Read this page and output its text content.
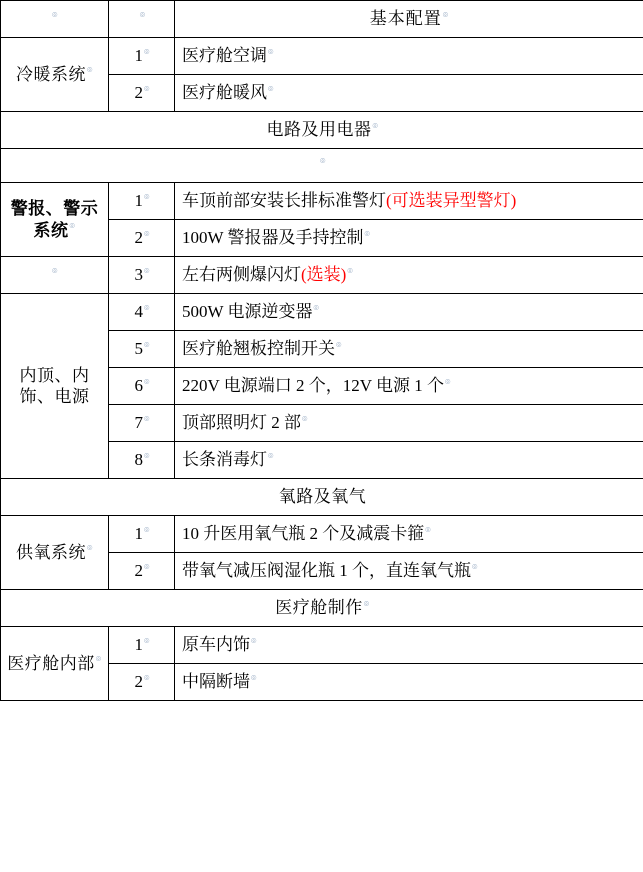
⌾	⌾	基本配置⌾

冷暖系统⌾	1⌾	医疗舱空调⌾

	2⌾	医疗舱暖风⌾

电路及用电器⌾

⌾

警报、警示系统⌾	1⌾	车顶前部安装长排标准警灯(可选装异型警灯)

	2⌾	100W 警报器及手持控制⌾

⌾	3⌾	左右两侧爆闪灯(选装)⌾

内顶、内饰、电源	4⌾	500W 电源逆变器⌾

	5⌾	医疗舱翘板控制开关⌾

	6⌾	220V 电源端口 2 个，12V 电源 1 个⌾

	7⌾	顶部照明灯 2 部⌾

	8⌾	长条消毒灯⌾

氧路及氧气		

供氧系统⌾	1⌾	10 升医用氧气瓶 2 个及减震卡箍⌾

	2⌾	带氧气减压阀湿化瓶 1 个，直连氧气瓶⌾

医疗舱制作⌾

医疗舱内部⌾	1⌾	原车内饰⌾

	2⌾	中隔断墙⌾
